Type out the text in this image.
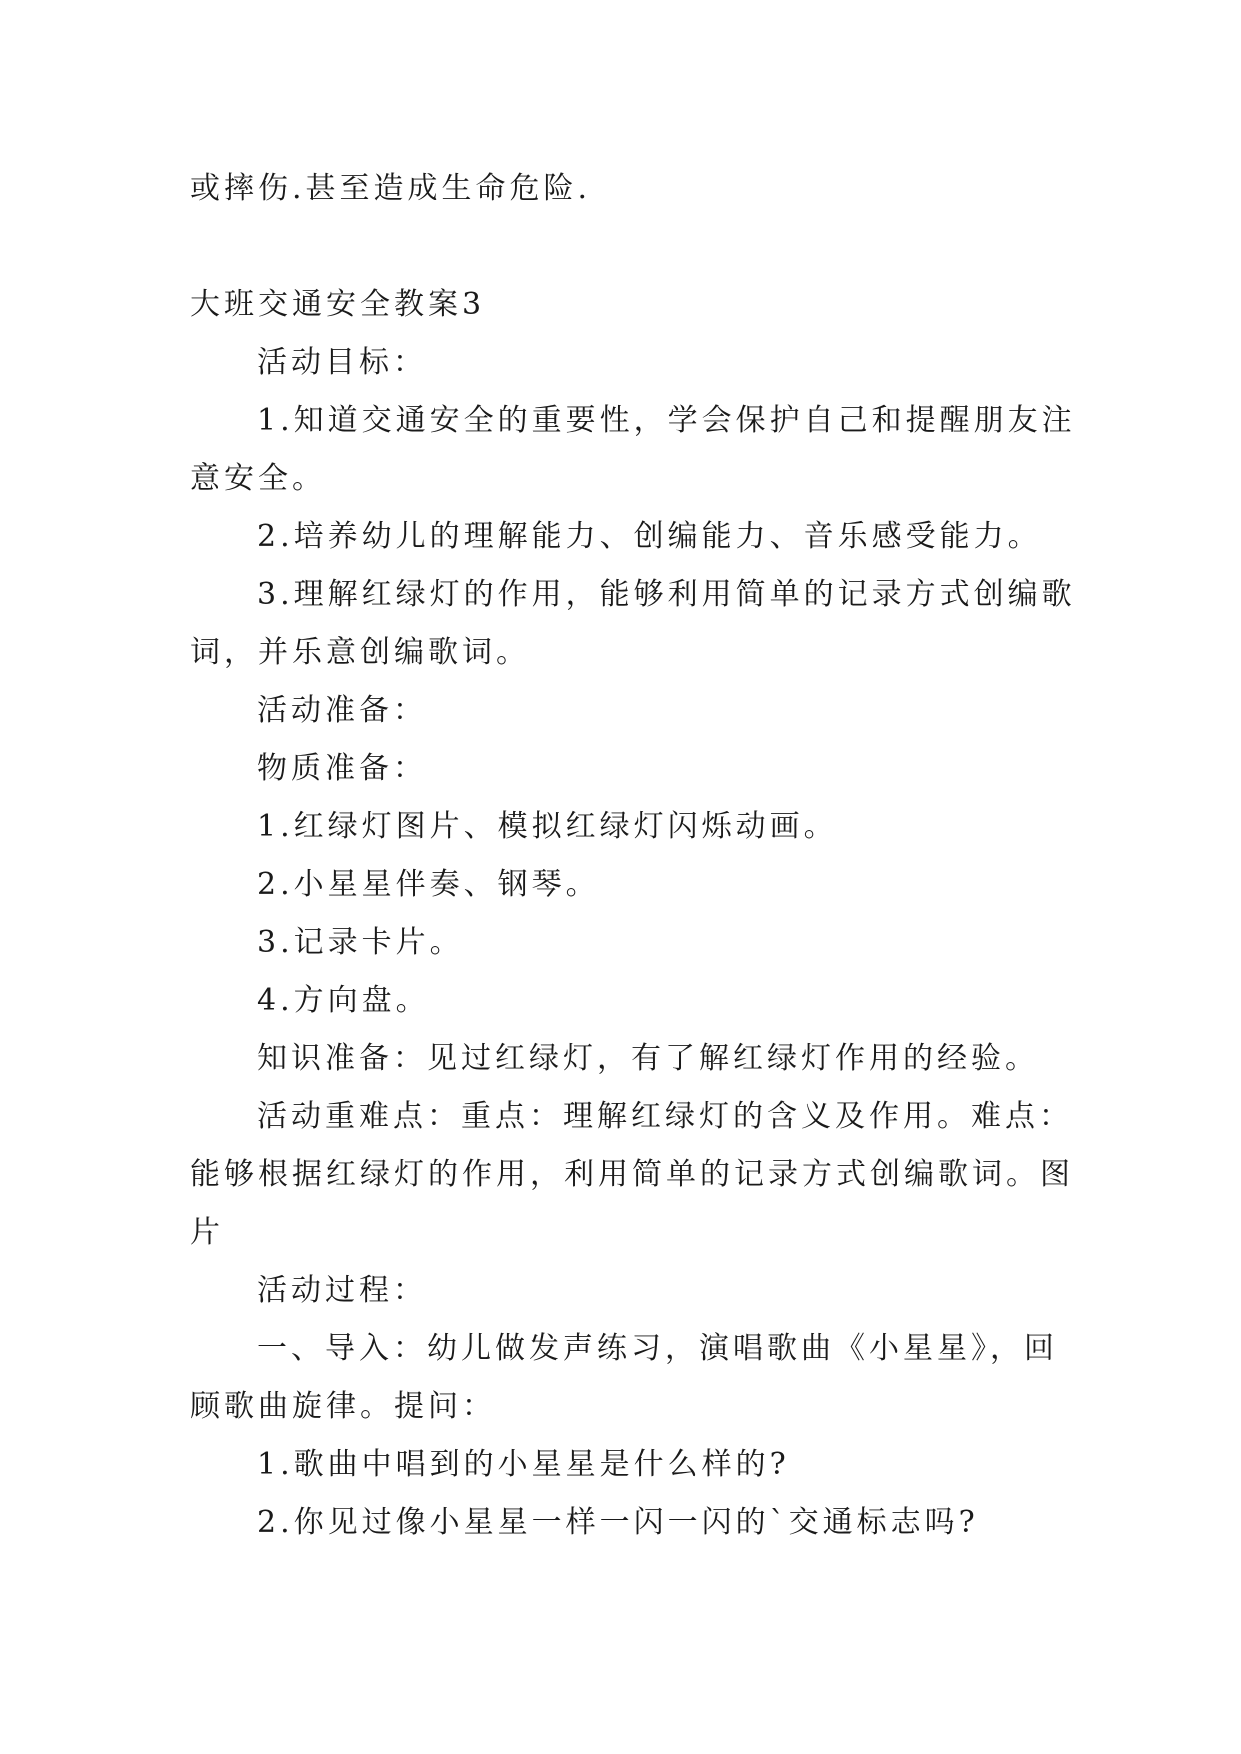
或摔伤.甚至造成生命危险.

大班交通安全教案3

活动目标：

1.知道交通安全的重要性，学会保护自己和提醒朋友注

意安全。

2.培养幼儿的理解能力、创编能力、音乐感受能力。

3.理解红绿灯的作用，能够利用简单的记录方式创编歌

词，并乐意创编歌词。

活动准备：

物质准备：

1.红绿灯图片、模拟红绿灯闪烁动画。

2.小星星伴奏、钢琴。

3.记录卡片。

4.方向盘。

知识准备：见过红绿灯，有了解红绿灯作用的经验。

活动重难点：重点：理解红绿灯的含义及作用。难点：

能够根据红绿灯的作用，利用简单的记录方式创编歌词。图

片

活动过程：

一、导入：幼儿做发声练习，演唱歌曲《小星星》，回

顾歌曲旋律。提问：

1.歌曲中唱到的小星星是什么样的?

2.你见过像小星星一样一闪一闪的`交通标志吗?
